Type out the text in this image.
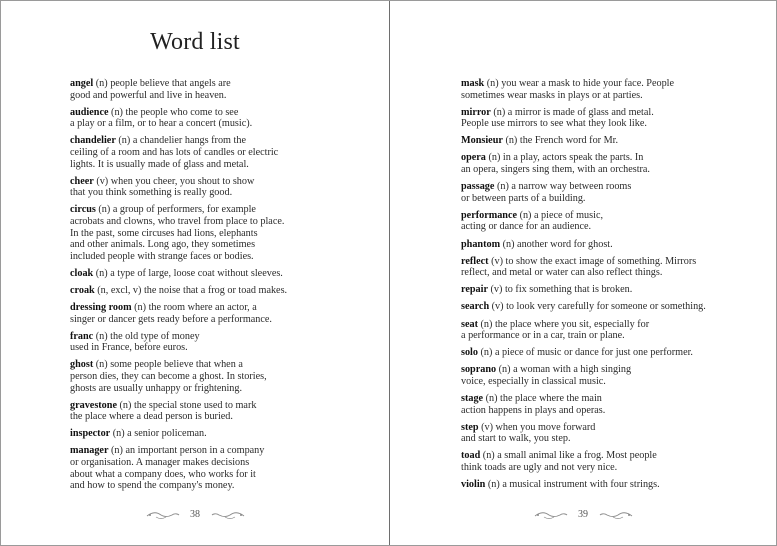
Word list
angel (n) people believe that angels are
good and powerful and live in heaven.
audience (n) the people who come to see
a play or a film, or to hear a concert (music).
chandelier (n) a chandelier hangs from the
ceiling of a room and has lots of candles or electric
lights. It is usually made of glass and metal.
cheer (v) when you cheer, you shout to show
that you think something is really good.
circus (n) a group of performers, for example
acrobats and clowns, who travel from place to place.
In the past, some circuses had lions, elephants
and other animals. Long ago, they sometimes
included people with strange faces or bodies.
cloak (n) a type of large, loose coat without sleeves.
croak (n, excl, v) the noise that a frog or toad makes.
dressing room (n) the room where an actor, a
singer or dancer gets ready before a performance.
franc (n) the old type of money
used in France, before euros.
ghost (n) some people believe that when a
person dies, they can become a ghost. In stories,
ghosts are usually unhappy or frightening.
gravestone (n) the special stone used to mark
the place where a dead person is buried.
inspector (n) a senior policeman.
manager (n) an important person in a company
or organisation. A manager makes decisions
about what a company does, who works for it
and how to spend the company's money.
38
mask (n) you wear a mask to hide your face. People
sometimes wear masks in plays or at parties.
mirror (n) a mirror is made of glass and metal.
People use mirrors to see what they look like.
Monsieur (n) the French word for Mr.
opera (n) in a play, actors speak the parts. In
an opera, singers sing them, with an orchestra.
passage (n) a narrow way between rooms
or between parts of a building.
performance (n) a piece of music,
acting or dance for an audience.
phantom (n) another word for ghost.
reflect (v) to show the exact image of something. Mirrors
reflect, and metal or water can also reflect things.
repair (v) to fix something that is broken.
search (v) to look very carefully for someone or something.
seat (n) the place where you sit, especially for
a performance or in a car, train or plane.
solo (n) a piece of music or dance for just one performer.
soprano (n) a woman with a high singing
voice, especially in classical music.
stage (n) the place where the main
action happens in plays and operas.
step (v) when you move forward
and start to walk, you step.
toad (n) a small animal like a frog. Most people
think toads are ugly and not very nice.
violin (n) a musical instrument with four strings.
39
